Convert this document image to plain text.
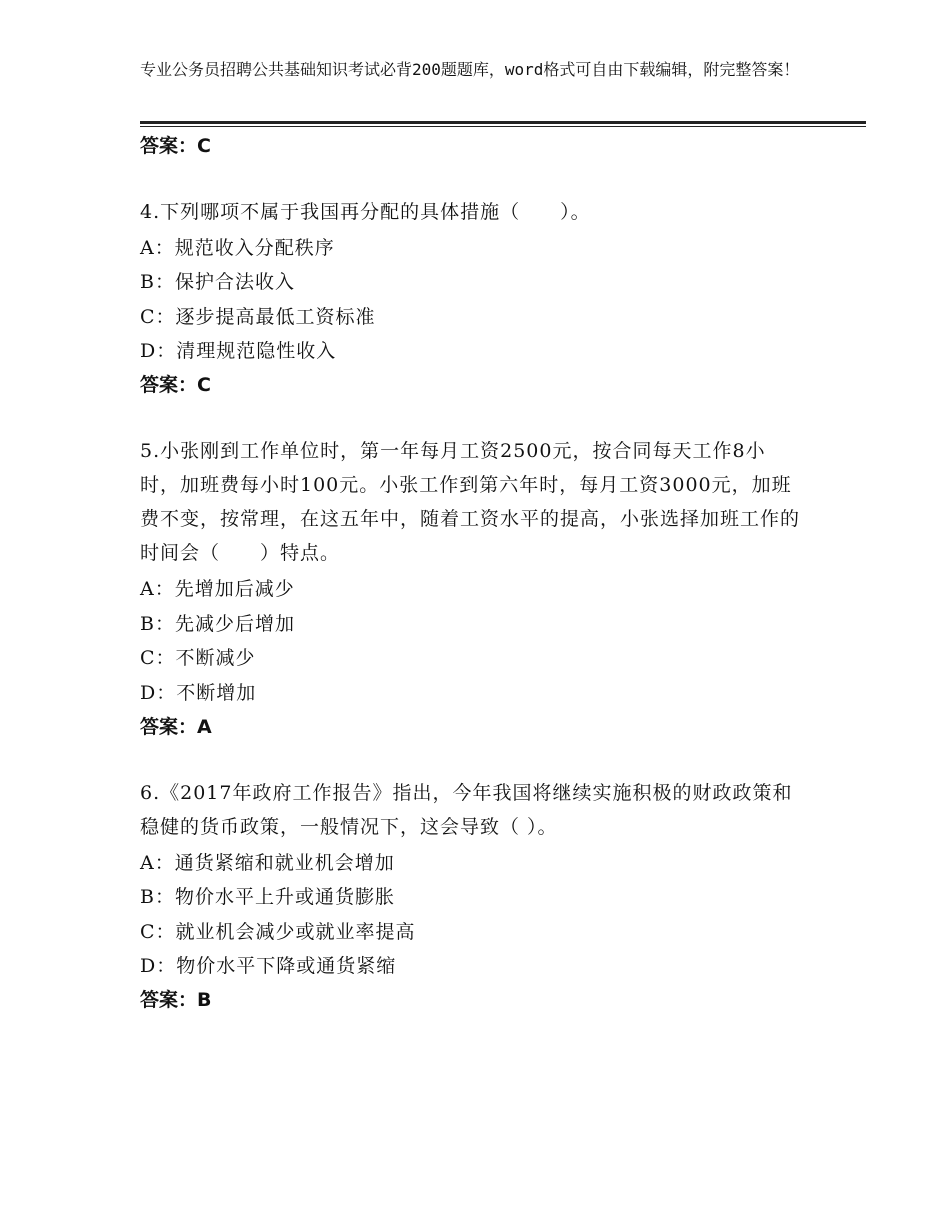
专业公务员招聘公共基础知识考试必背200题题库，word格式可自由下载编辑，附完整答案！
答案：C
4.下列哪项不属于我国再分配的具体措施（　　）。
A：规范收入分配秩序
B：保护合法收入
C：逐步提高最低工资标准
D：清理规范隐性收入
答案：C
5.小张刚到工作单位时，第一年每月工资2500元，按合同每天工作8小时，加班费每小时100元。小张工作到第六年时，每月工资3000元，加班费不变，按常理，在这五年中，随着工资水平的提高，小张选择加班工作的时间会（　　）特点。
A：先增加后减少
B：先减少后增加
C：不断减少
D：不断增加
答案：A
6.《2017年政府工作报告》指出，今年我国将继续实施积极的财政政策和稳健的货币政策，一般情况下，这会导致（ ）。
A：通货紧缩和就业机会增加
B：物价水平上升或通货膨胀
C：就业机会减少或就业率提高
D：物价水平下降或通货紧缩
答案：B
